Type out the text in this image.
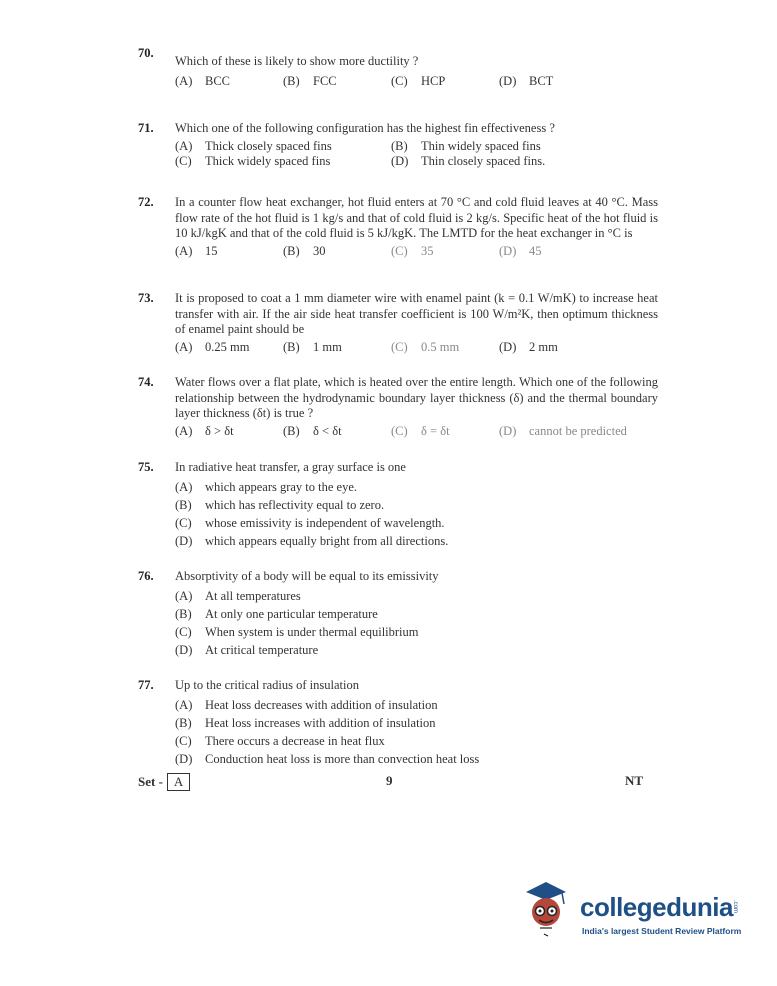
70.
Which of these is likely to show more ductility ?
(A) BCC	(B) FCC	(C) HCP	(D) BCT
71. Which one of the following configuration has the highest fin effectiveness ?
(A) Thick closely spaced fins	(B) Thin widely spaced fins
(C) Thick widely spaced fins	(D) Thin closely spaced fins.
72. In a counter flow heat exchanger, hot fluid enters at 70 °C and cold fluid leaves at 40 °C. Mass flow rate of the hot fluid is 1 kg/s and that of cold fluid is 2 kg/s. Specific heat of the hot fluid is 10 kJ/kgK and that of the cold fluid is 5 kJ/kgK. The LMTD for the heat exchanger in °C is
(A) 15	(B) 30	(C) 35	(D) 45
73. It is proposed to coat a 1 mm diameter wire with enamel paint (k = 0.1 W/mK) to increase heat transfer with air. If the air side heat transfer coefficient is 100 W/m²K, then optimum thickness of enamel paint should be
(A) 0.25 mm	(B) 1 mm	(C) 0.5 mm	(D) 2 mm
74. Water flows over a flat plate, which is heated over the entire length. Which one of the following relationship between the hydrodynamic boundary layer thickness (δ) and the thermal boundary layer thickness (δt) is true ?
(A) δ > δt	(B) δ < δt	(C) δ = δt	(D) cannot be predicted
75. In radiative heat transfer, a gray surface is one
(A) which appears gray to the eye.
(B) which has reflectivity equal to zero.
(C) whose emissivity is independent of wavelength.
(D) which appears equally bright from all directions.
76. Absorptivity of a body will be equal to its emissivity
(A) At all temperatures
(B) At only one particular temperature
(C) When system is under thermal equilibrium
(D) At critical temperature
77. Up to the critical radius of insulation
(A) Heat loss decreases with addition of insulation
(B) Heat loss increases with addition of insulation
(C) There occurs a decrease in heat flux
(D) Conduction heat loss is more than convection heat loss
Set - A	9	NT
collegedunia .com
India's largest Student Review Platform
